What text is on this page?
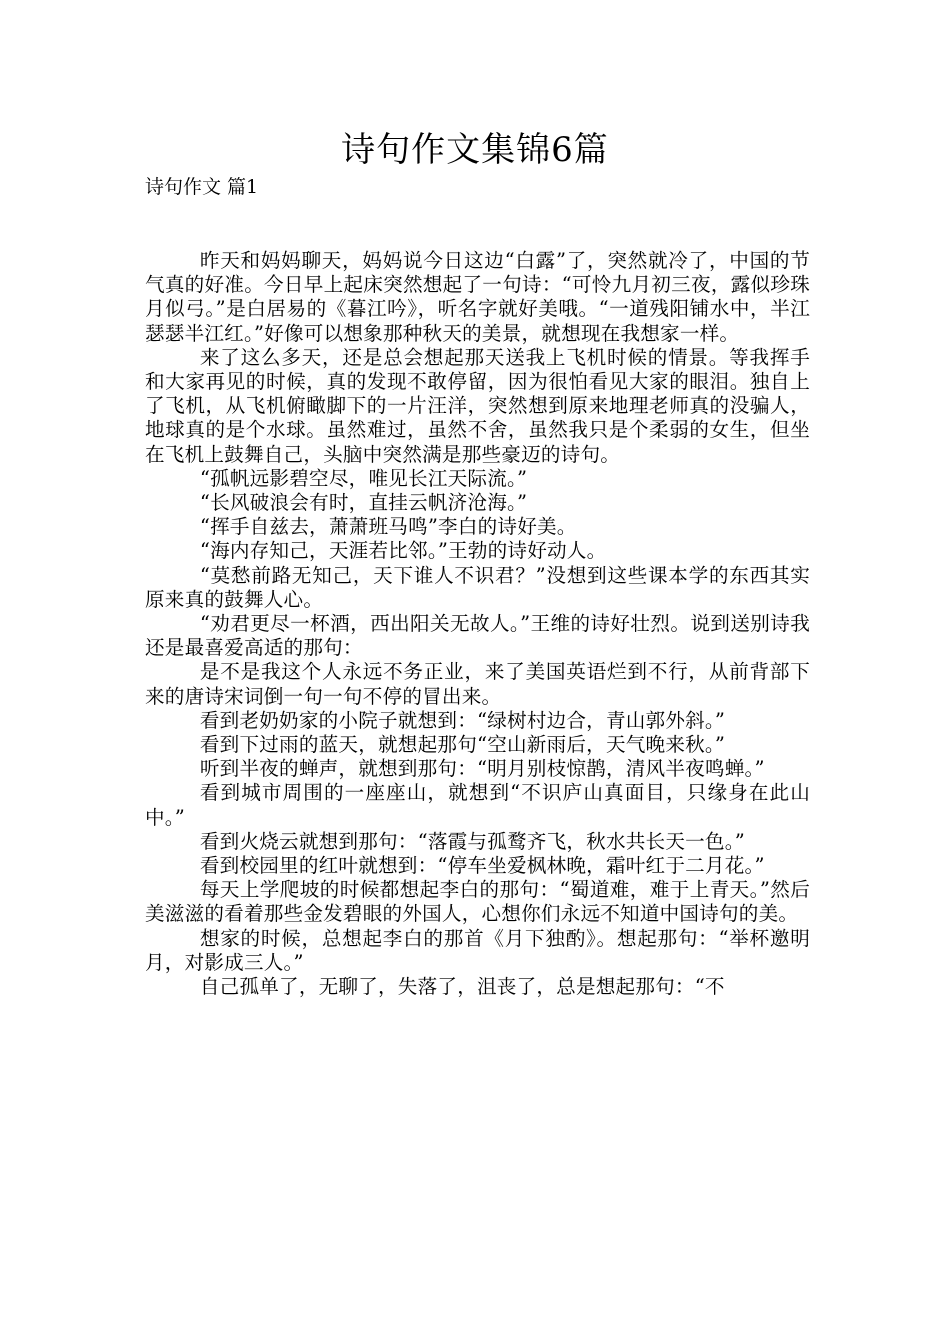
诗句作文集锦6篇
诗句作文 篇1

昨天和妈妈聊天，妈妈说今日这边“白露”了，突然就冷了，中国的节气真的好准。今日早上起床突然想起了一句诗：“可怜九月初三夜，露似珍珠月似弓。”是白居易的《暮江吟》，听名字就好美哦。“一道残阳铺水中，半江瑟瑟半江红。”好像可以想象那种秋天的美景，就想现在我想家一样。

来了这么多天，还是总会想起那天送我上飞机时候的情景。等我挥手和大家再见的时候，真的发现不敢停留，因为很怕看见大家的眼泪。独自上了飞机，从飞机俯瞰脚下的一片汪洋，突然想到原来地理老师真的没骗人，地球真的是个水球。虽然难过，虽然不舍，虽然我只是个柔弱的女生，但坐在飞机上鼓舞自己，头脑中突然满是那些豪迈的诗句。

“孤帆远影碧空尽，唯见长江天际流。”

“长风破浪会有时，直挂云帆济沧海。”

“挥手自兹去，萧萧班马鸣”李白的诗好美。

“海内存知己，天涯若比邻。”王勃的诗好动人。

“莫愁前路无知己，天下谁人不识君？”没想到这些课本学的东西其实原来真的鼓舞人心。

“劝君更尽一杯酒，西出阳关无故人。”王维的诗好壮烈。说到送别诗我还是最喜爱高适的那句：

是不是我这个人永远不务正业，来了美国英语烂到不行，从前背部下来的唐诗宋词倒一句一句不停的冒出来。

看到老奶奶家的小院子就想到：“绿树村边合，青山郭外斜。”

看到下过雨的蓝天，就想起那句“空山新雨后，天气晚来秋。”

听到半夜的蝉声，就想到那句：“明月别枝惊鹊，清风半夜鸣蝉。”

看到城市周围的一座座山，就想到“不识庐山真面目，只缘身在此山中。”

看到火烧云就想到那句：“落霞与孤鹜齐飞，秋水共长天一色。”

看到校园里的红叶就想到：“停车坐爱枫林晚，霜叶红于二月花。”

每天上学爬坡的时候都想起李白的那句：“蜀道难，难于上青天。”然后美滋滋的看着那些金发碧眼的外国人，心想你们永远不知道中国诗句的美。

想家的时候，总想起李白的那首《月下独酌》。想起那句：“举杯邀明月，对影成三人。”

自己孤单了，无聊了，失落了，沮丧了，总是想起那句：“不
